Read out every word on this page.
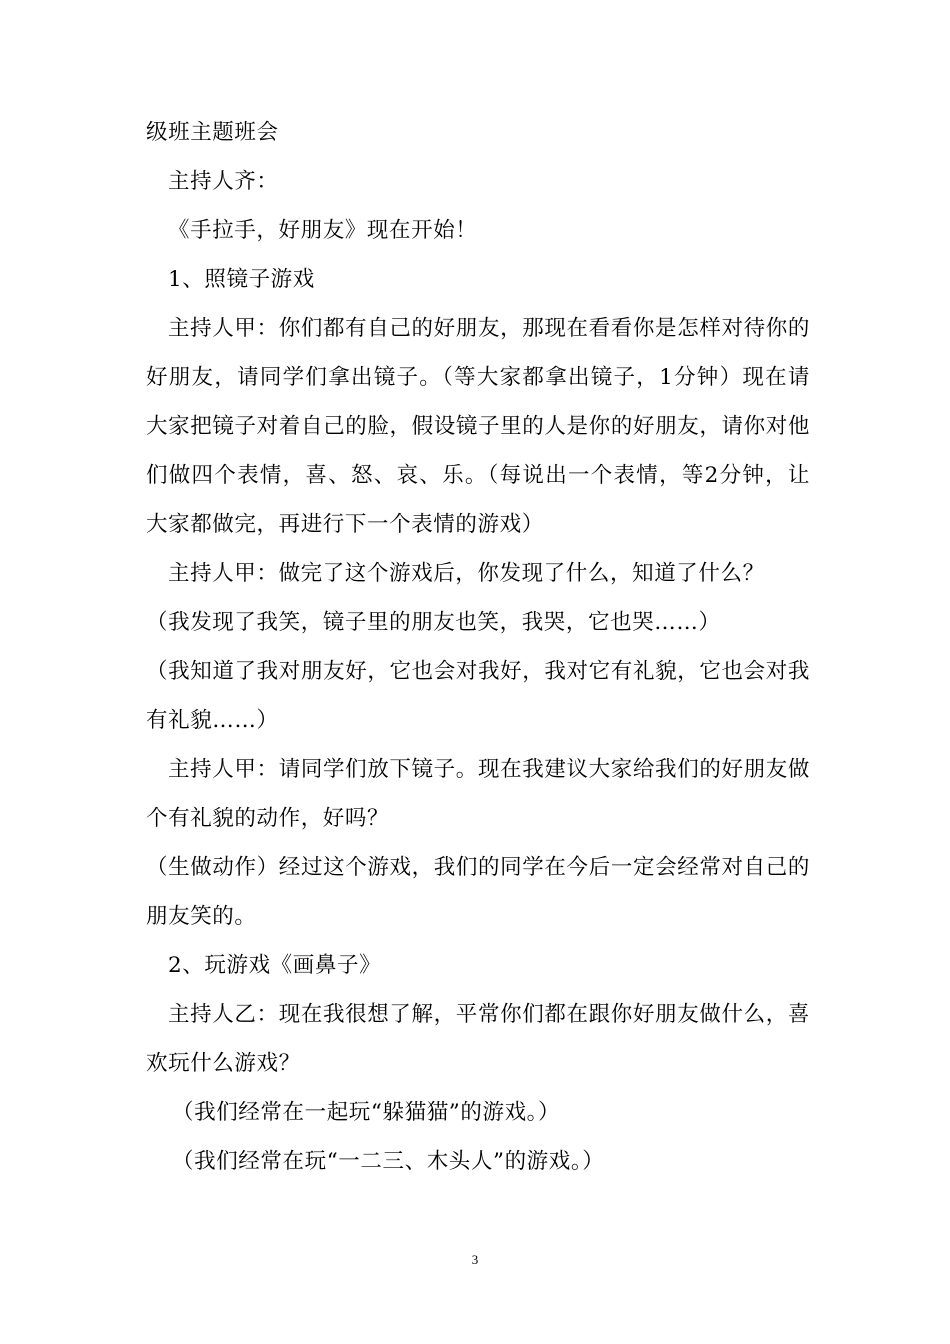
级班主题班会

主持人齐：

《手拉手，好朋友》现在开始！

1、照镜子游戏

主持人甲：你们都有自己的好朋友，那现在看看你是怎样对待你的好朋友，请同学们拿出镜子。（等大家都拿出镜子，1分钟）现在请大家把镜子对着自己的脸，假设镜子里的人是你的好朋友，请你对他们做四个表情，喜、怒、哀、乐。（每说出一个表情，等2分钟，让大家都做完，再进行下一个表情的游戏）

主持人甲：做完了这个游戏后，你发现了什么，知道了什么？

（我发现了我笑，镜子里的朋友也笑，我哭，它也哭……）

（我知道了我对朋友好，它也会对我好，我对它有礼貌，它也会对我有礼貌……）

主持人甲：请同学们放下镜子。现在我建议大家给我们的好朋友做个有礼貌的动作，好吗？

（生做动作）经过这个游戏，我们的同学在今后一定会经常对自己的朋友笑的。

2、玩游戏《画鼻子》

主持人乙：现在我很想了解，平常你们都在跟你好朋友做什么，喜欢玩什么游戏？

（我们经常在一起玩“躲猫猫”的游戏。）

（我们经常在玩“一二三、木头人”的游戏。）

3
